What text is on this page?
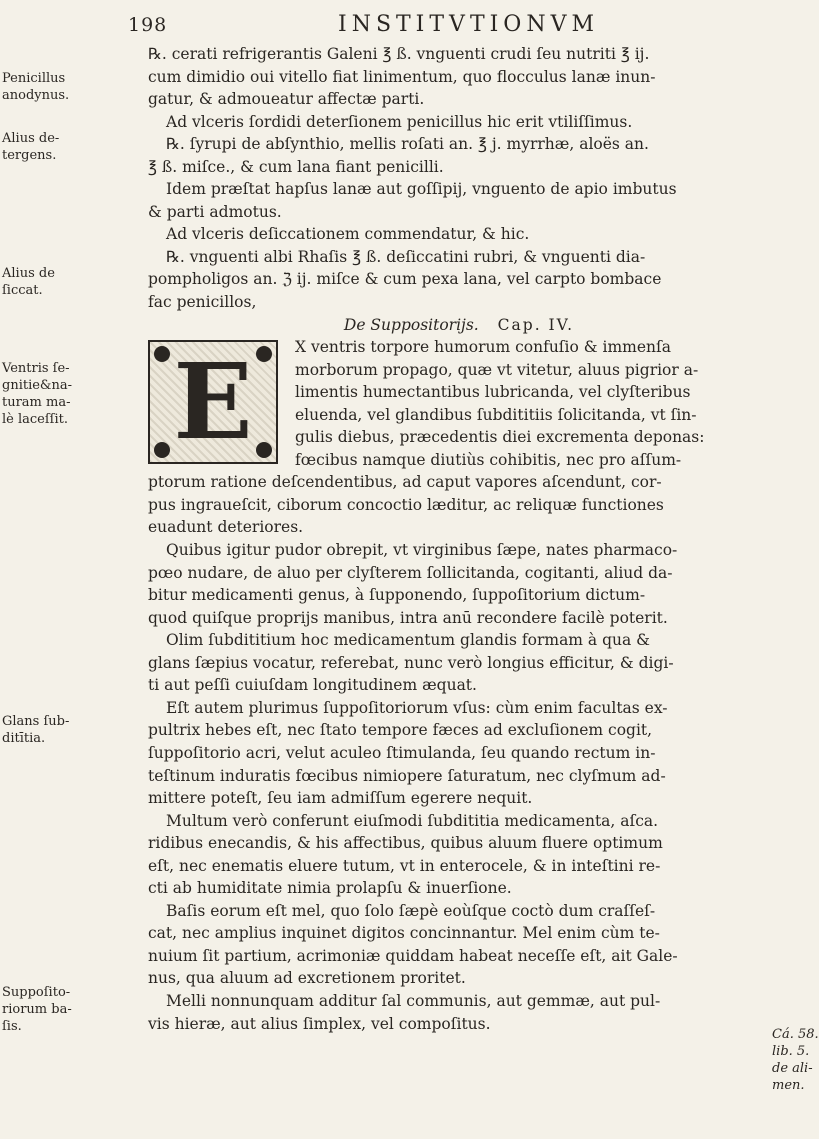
198	INSTITVTIONVM
℞. cerati refrigerantis Galeni ℥ ß. vnguenti crudi ſeu nutriti ℥ ij.
cum dimidio oui vitello fiat linimentum, quo flocculus lanæ inun-
gatur, & admoueatur affectæ parti.
Ad vlceris ſordidi deterſionem penicillus hic erit vtiliſſimus.
℞. ſyrupi de abſynthio, mellis roſati an. ℥ j. myrrhæ, aloës an.
℥ ß. miſce., & cum lana fiant penicilli.
Idem præſtat hapſus lanæ aut goſſipij, vnguento de apio imbutus
& parti admotus.
Ad vlceris deſiccationem commendatur, & hic.
℞. vnguenti albi Rhaſis ℥ ß. deſiccatini rubri, & vnguenti dia-
pompholigos an. ℨ ij. miſce & cum pexa lana, vel carpto bombace
fac penicillos,
De Suppositorijs. Cap. IV.
E	X ventris torpore humorum confuſio & immenſa
morborum propago, quæ vt vitetur, aluus pigrior a-
limentis humectantibus lubricanda, vel clyſteribus
eluenda, vel glandibus ſubdititiis ſolicitanda, vt ſin-
gulis diebus, præcedentis diei excrementa deponas:
fœcibus namque diutiùs cohibitis, nec pro aſſum-
ptorum ratione deſcendentibus, ad caput vapores aſcendunt, cor-
pus ingraueſcit, ciborum concoctio læditur, ac reliquæ functiones
euadunt deteriores.
Quibus igitur pudor obrepit, vt virginibus ſæpe, nates pharmaco-
pœo nudare, de aluo per clyſterem ſollicitanda, cogitanti, aliud da-
bitur medicamenti genus, à ſupponendo, ſuppoſitorium dictum-
quod quiſque proprijs manibus, intra anū recondere facilè poterit.
Olim ſubdititium hoc medicamentum glandis formam à qua &
glans ſæpius vocatur, referebat, nunc verò longius efficitur, & digi-
ti aut peſſi cuiuſdam longitudinem æquat.
Eſt autem plurimus ſuppoſitoriorum vſus: cùm enim facultas ex-
pultrix hebes eſt, nec ſtato tempore fæces ad excluſionem cogit,
ſuppoſitorio acri, velut aculeo ſtimulanda, ſeu quando rectum in-
teſtinum induratis fœcibus nimiopere ſaturatum, nec clyſmum ad-
mittere poteſt, ſeu iam admiſſum egerere nequit.
Multum verò conferunt eiuſmodi ſubdititia medicamenta, aſca.
ridibus enecandis, & his affectibus, quibus aluum fluere optimum
eſt, nec enematis eluere tutum, vt in enterocele, & in inteſtini re-
cti ab humiditate nimia prolapſu & inuerſione.
Baſis eorum eſt mel, quo ſolo ſæpè eoùſque coctò dum craſſeſ-
cat, nec amplius inquinet digitos concinnantur. Mel enim cùm te-
nuium ſit partium, acrimoniæ quiddam habeat neceſſe eſt, ait Gale-
nus, qua aluum ad excretionem proritet.
Melli nonnunquam additur ſal communis, aut gemmæ, aut pul-
vis hieræ, aut alius ſimplex, vel compoſitus.
Penicillus
anodynus.
Alius de-
tergens.
Alius de
ſiccat.
Ventris ſe-
gnitie&na-
turam ma-
lè laceſſit.
Glans ſub-
ditītia.
Suppoſito-
riorum ba-
ſis.
Cá. 58.
lib. 5.
de ali-
men.
